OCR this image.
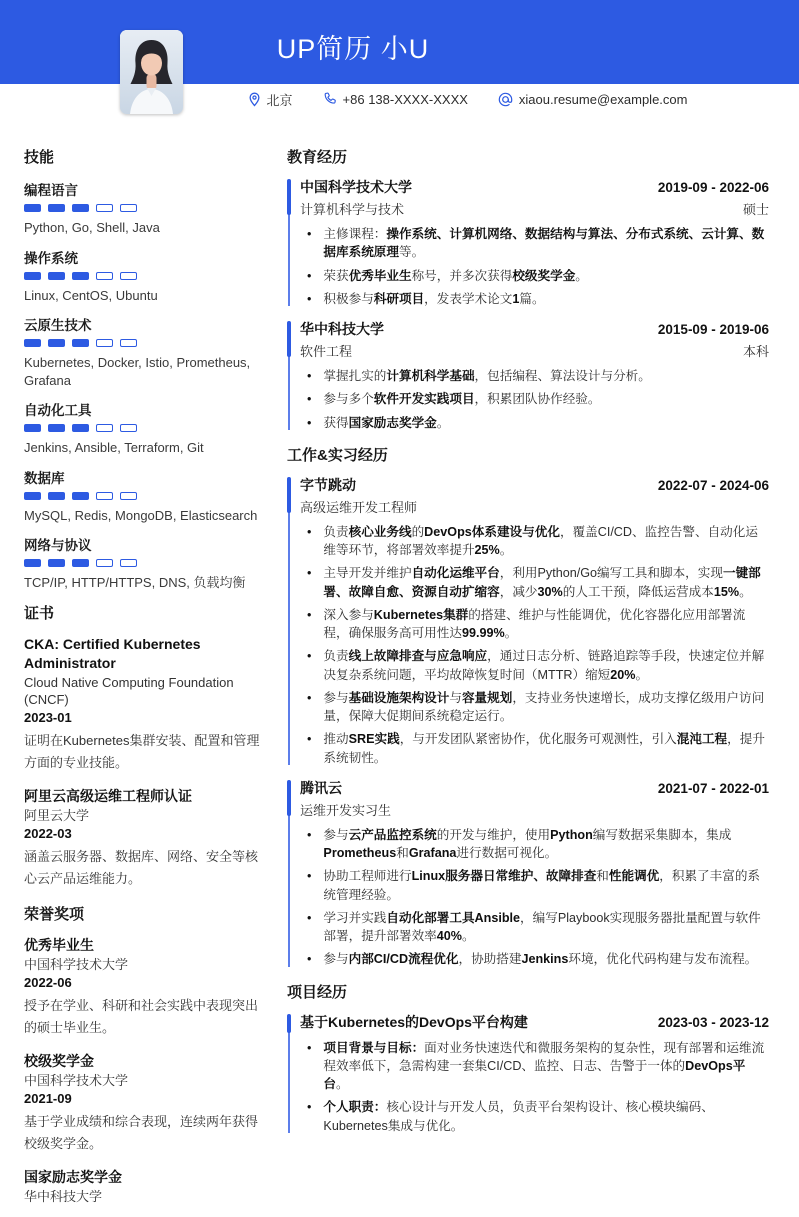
UP简历 小U
北京	+86 138-XXXX-XXXX	xiaou.resume@example.com
技能
编程语言
Python, Go, Shell, Java
操作系统
Linux, CentOS, Ubuntu
云原生技术
Kubernetes, Docker, Istio, Prometheus, Grafana
自动化工具
Jenkins, Ansible, Terraform, Git
数据库
MySQL, Redis, MongoDB, Elasticsearch
网络与协议
TCP/IP, HTTP/HTTPS, DNS, 负载均衡
证书
CKA: Certified Kubernetes Administrator
Cloud Native Computing Foundation (CNCF)
2023-01
证明在Kubernetes集群安装、配置和管理方面的专业技能。
阿里云高级运维工程师认证
阿里云大学
2022-03
涵盖云服务器、数据库、网络、安全等核心云产品运维能力。
荣誉奖项
优秀毕业生
中国科学技术大学
2022-06
授予在学业、科研和社会实践中表现突出的硕士毕业生。
校级奖学金
中国科学技术大学
2021-09
基于学业成绩和综合表现，连续两年获得校级奖学金。
国家励志奖学金
华中科技大学
教育经历
中国科学技术大学	2019-09 - 2022-06
计算机科学与技术	硕士
• 主修课程：操作系统、计算机网络、数据结构与算法、分布式系统、云计算、数据库系统原理等。
• 荣获优秀毕业生称号，并多次获得校级奖学金。
• 积极参与科研项目，发表学术论文1篇。
华中科技大学	2015-09 - 2019-06
软件工程	本科
• 掌握扎实的计算机科学基础，包括编程、算法设计与分析。
• 参与多个软件开发实践项目，积累团队协作经验。
• 获得国家励志奖学金。
工作&实习经历
字节跳动	2022-07 - 2024-06
高级运维开发工程师
• 负责核心业务线的DevOps体系建设与优化，覆盖CI/CD、监控告警、自动化运维等环节，将部署效率提升25%。
• 主导开发并维护自动化运维平台，利用Python/Go编写工具和脚本，实现一键部署、故障自愈、资源自动扩缩容，减少30%的人工干预，降低运营成本15%。
• 深入参与Kubernetes集群的搭建、维护与性能调优，优化容器化应用部署流程，确保服务高可用性达99.99%。
• 负责线上故障排查与应急响应，通过日志分析、链路追踪等手段，快速定位并解决复杂系统问题，平均故障恢复时间（MTTR）缩短20%。
• 参与基础设施架构设计与容量规划，支持业务快速增长，成功支撑亿级用户访问量，保障大促期间系统稳定运行。
• 推动SRE实践，与开发团队紧密协作，优化服务可观测性，引入混沌工程，提升系统韧性。
腾讯云	2021-07 - 2022-01
运维开发实习生
• 参与云产品监控系统的开发与维护，使用Python编写数据采集脚本，集成Prometheus和Grafana进行数据可视化。
• 协助工程师进行Linux服务器日常维护、故障排查和性能调优，积累了丰富的系统管理经验。
• 学习并实践自动化部署工具Ansible，编写Playbook实现服务器批量配置与软件部署，提升部署效率40%。
• 参与内部CI/CD流程优化，协助搭建Jenkins环境，优化代码构建与发布流程。
项目经历
基于Kubernetes的DevOps平台构建	2023-03 - 2023-12
• 项目背景与目标：面对业务快速迭代和微服务架构的复杂性，现有部署和运维流程效率低下，急需构建一套集CI/CD、监控、日志、告警于一体的DevOps平台。
• 个人职责：核心设计与开发人员，负责平台架构设计、核心模块编码、Kubernetes集成与优化。
